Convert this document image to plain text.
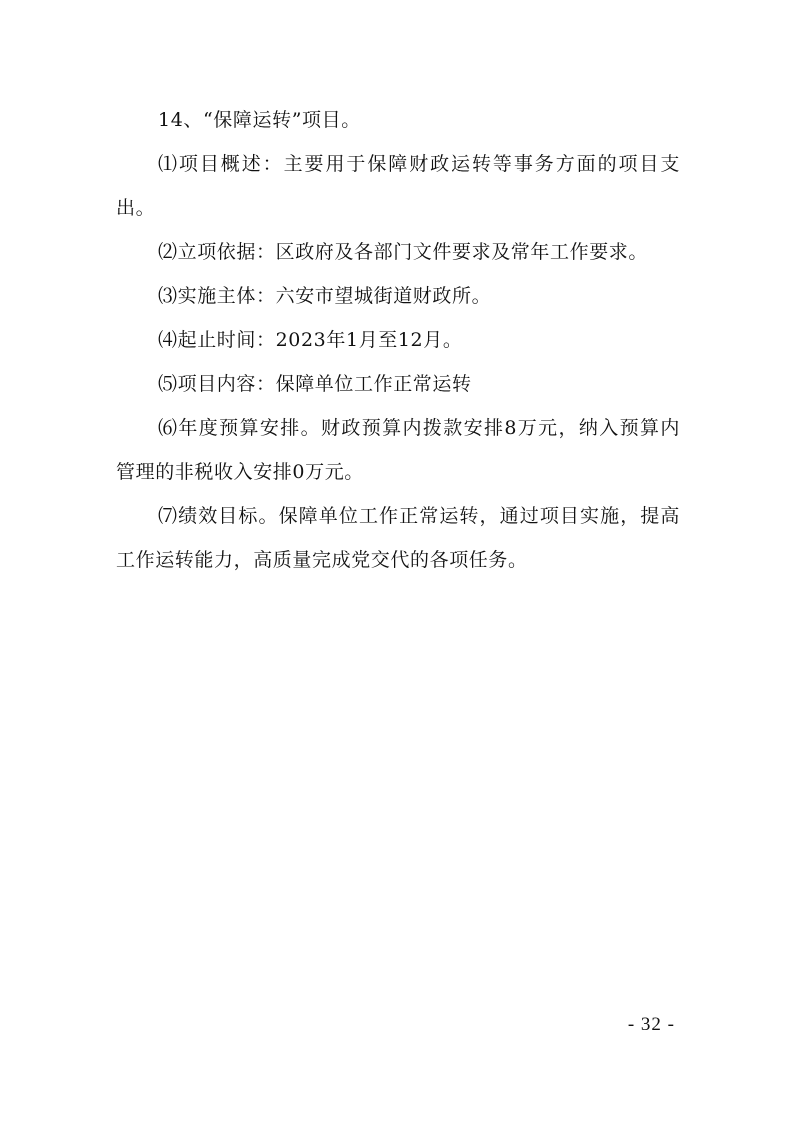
14、“保障运转”项目。

⑴项目概述：主要用于保障财政运转等事务方面的项目支出。

⑵立项依据：区政府及各部门文件要求及常年工作要求。

⑶实施主体：六安市望城街道财政所。

⑷起止时间：2023年1月至12月。

⑸项目内容：保障单位工作正常运转

⑹年度预算安排。财政预算内拨款安排8万元，纳入预算内管理的非税收入安排0万元。

⑺绩效目标。保障单位工作正常运转，通过项目实施，提高工作运转能力，高质量完成党交代的各项任务。

- 32 -
